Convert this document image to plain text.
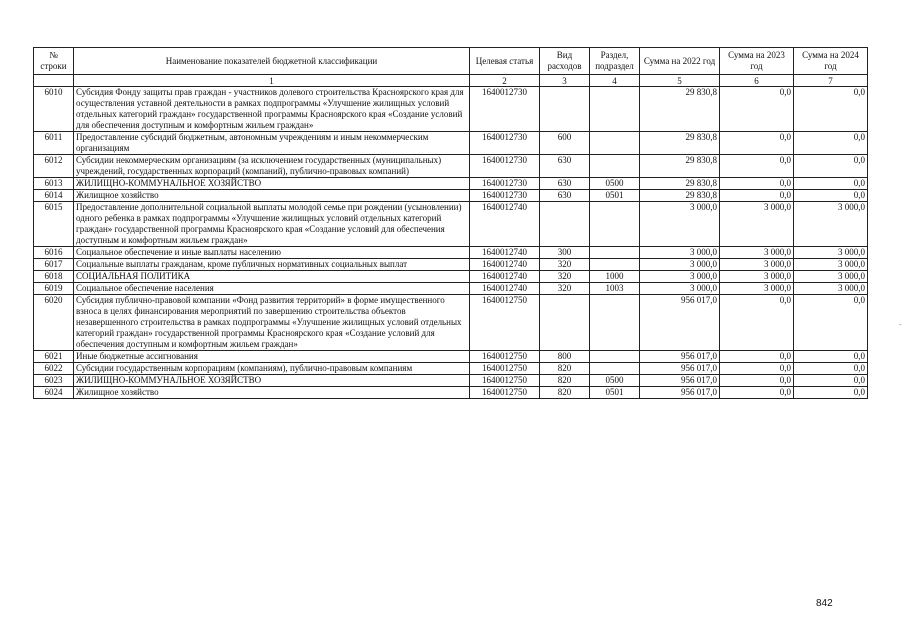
№ строки	Наименование показателей бюджетной классификации	Целевая статья	Вид расходов	Раздел, подраздел	Сумма на 2022 год	Сумма на 2023 год	Сумма на 2024 год
	1	2	3	4	5	6	7
6010	Субсидия Фонду защиты прав граждан - участников долевого строительства Красноярского края для осуществления уставной деятельности в рамках подпрограммы «Улучшение жилищных условий отдельных категорий граждан» государственной программы Красноярского края «Создание условий для обеспечения доступным и комфортным жильем граждан»	1640012730			29 830,8	0,0	0,0
6011	Предоставление субсидий бюджетным, автономным учреждениям и иным некоммерческим организациям	1640012730	600		29 830,8	0,0	0,0
6012	Субсидии некоммерческим организациям (за исключением государственных (муниципальных) учреждений, государственных корпораций (компаний), публично-правовых компаний)	1640012730	630		29 830,8	0,0	0,0
6013	ЖИЛИЩНО-КОММУНАЛЬНОЕ ХОЗЯЙСТВО	1640012730	630	0500	29 830,8	0,0	0,0
6014	Жилищное хозяйство	1640012730	630	0501	29 830,8	0,0	0,0
6015	Предоставление дополнительной социальной выплаты молодой семье при рождении (усыновлении) одного ребенка в рамках подпрограммы «Улучшение жилищных условий отдельных категорий граждан» государственной программы Красноярского края «Создание условий для обеспечения доступным и комфортным жильем граждан»	1640012740			3 000,0	3 000,0	3 000,0
6016	Социальное обеспечение и иные выплаты населению	1640012740	300		3 000,0	3 000,0	3 000,0
6017	Социальные выплаты гражданам, кроме публичных нормативных социальных выплат	1640012740	320		3 000,0	3 000,0	3 000,0
6018	СОЦИАЛЬНАЯ ПОЛИТИКА	1640012740	320	1000	3 000,0	3 000,0	3 000,0
6019	Социальное обеспечение населения	1640012740	320	1003	3 000,0	3 000,0	3 000,0
6020	Субсидия публично-правовой компании «Фонд развития территорий» в форме имущественного взноса в целях финансирования мероприятий по завершению строительства объектов незавершенного строительства в рамках подпрограммы «Улучшение жилищных условий отдельных категорий граждан» государственной программы Красноярского края «Создание условий для обеспечения доступным и комфортным жильем граждан»	1640012750			956 017,0	0,0	0,0
6021	Иные бюджетные ассигнования	1640012750	800		956 017,0	0,0	0,0
6022	Субсидии государственным корпорациям (компаниям), публично-правовым компаниям	1640012750	820		956 017,0	0,0	0,0
6023	ЖИЛИЩНО-КОММУНАЛЬНОЕ ХОЗЯЙСТВО	1640012750	820	0500	956 017,0	0,0	0,0
6024	Жилищное хозяйство	1640012750	820	0501	956 017,0	0,0	0,0
842
-
